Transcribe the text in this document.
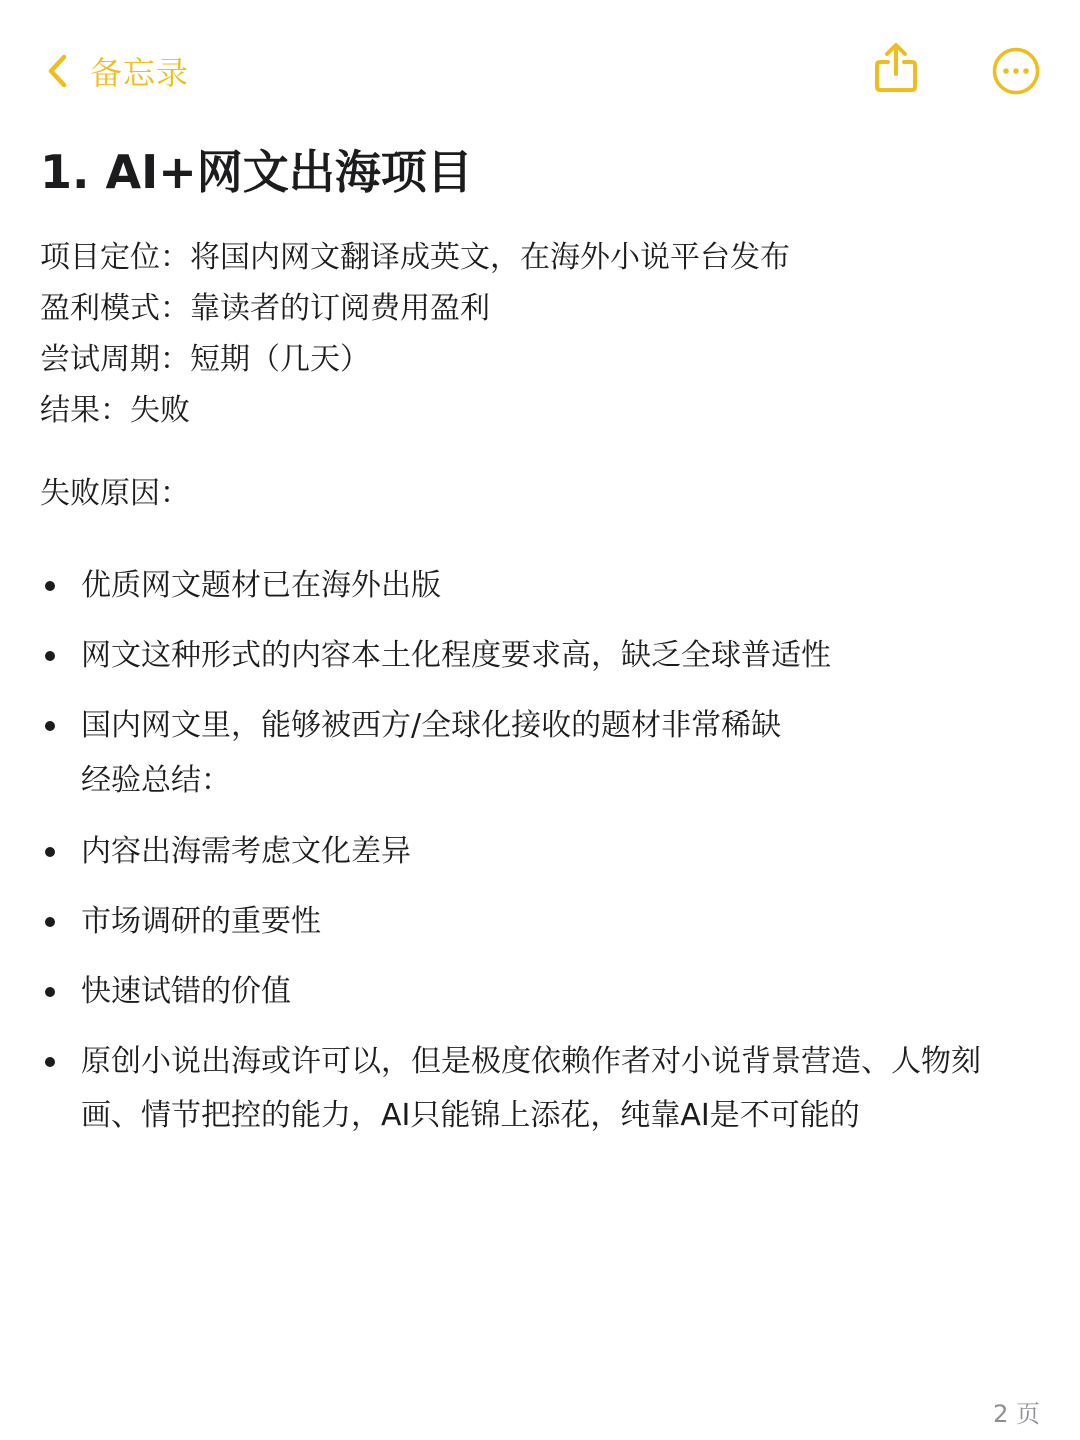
备忘录
1. AI+网文出海项目
项目定位：将国内网文翻译成英文，在海外小说平台发布
盈利模式：靠读者的订阅费用盈利
尝试周期：短期（几天）
结果：失败
失败原因：
优质网文题材已在海外出版
网文这种形式的内容本土化程度要求高，缺乏全球普适性
国内网文里，能够被西方/全球化接收的题材非常稀缺
经验总结：
内容出海需考虑文化差异
市场调研的重要性
快速试错的价值
原创小说出海或许可以，但是极度依赖作者对小说背景营造、人物刻画、情节把控的能力，AI只能锦上添花，纯靠AI是不可能的
2 页
